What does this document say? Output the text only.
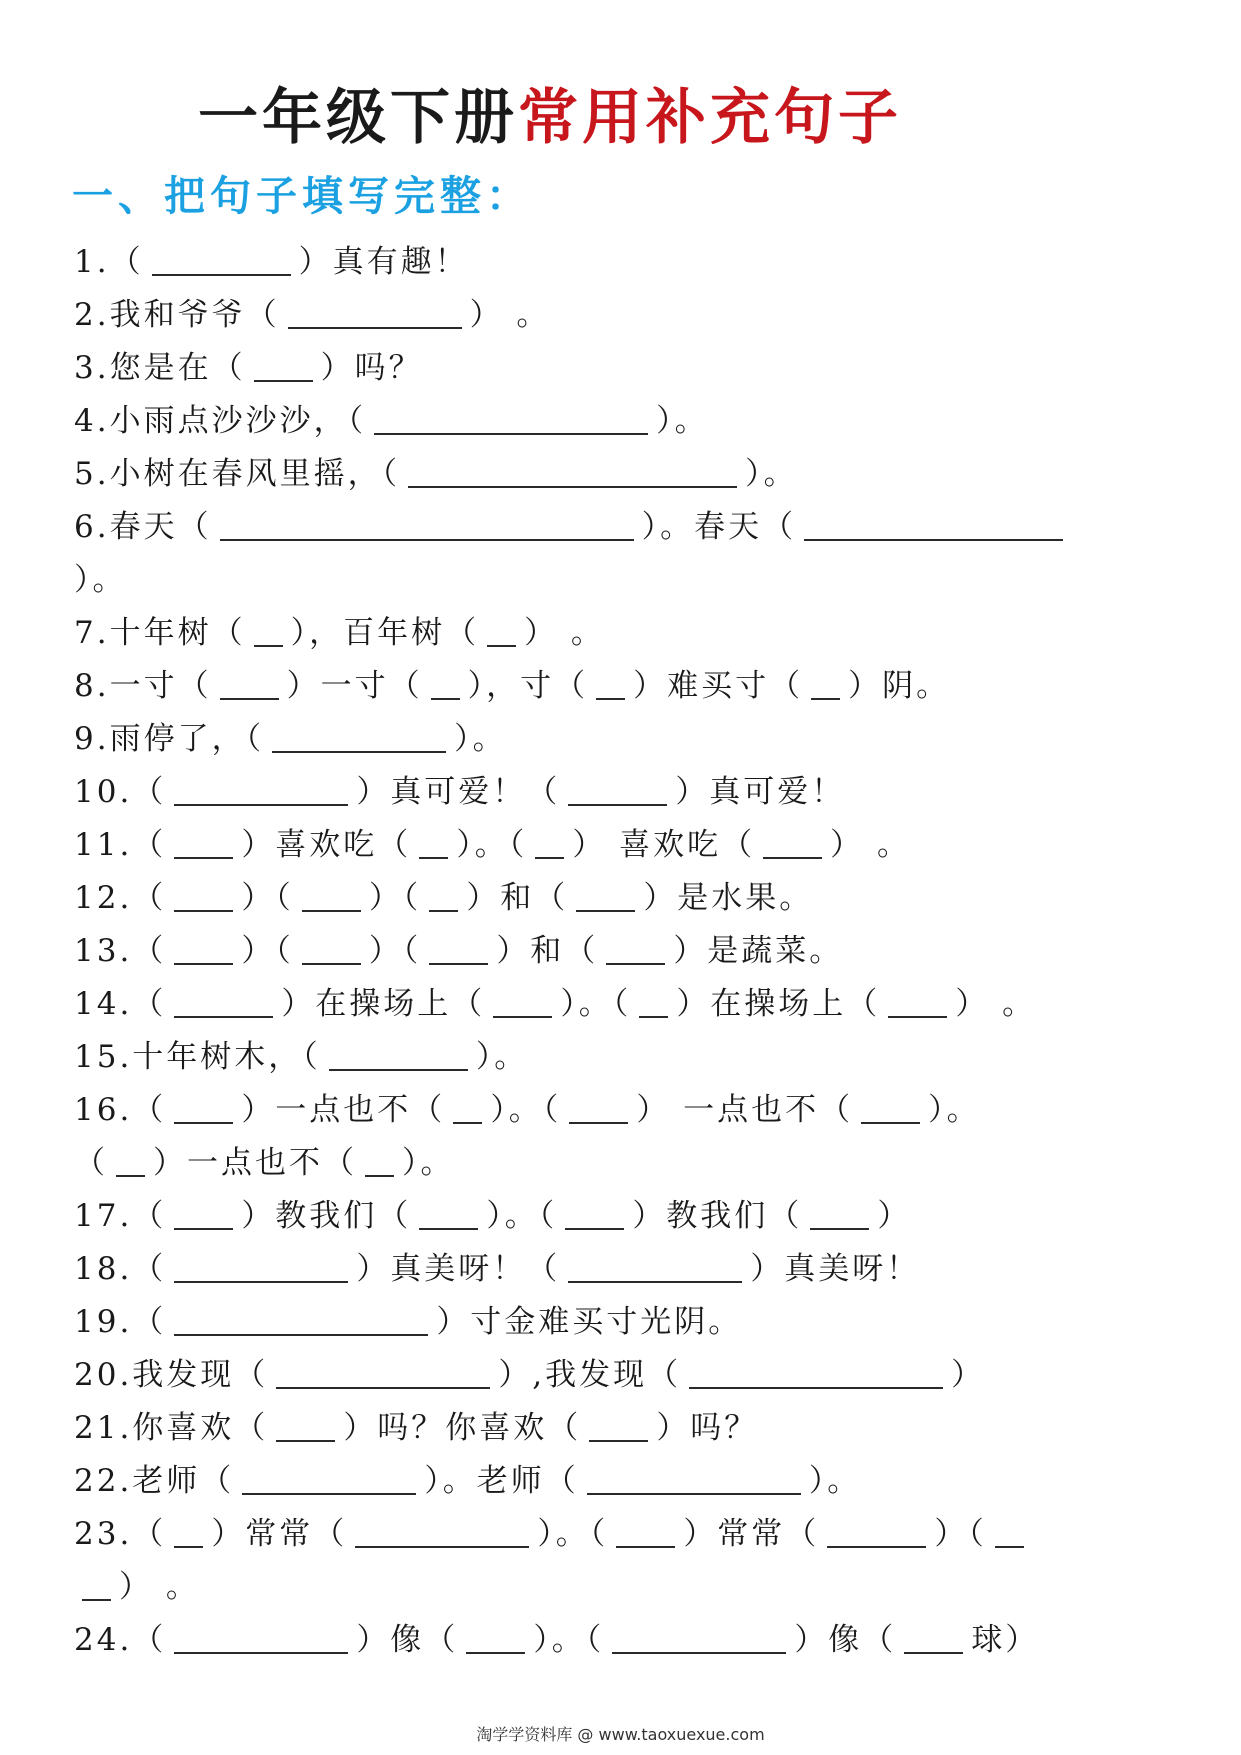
一年级下册常用补充句子
一、把句子填写完整：
1.（	）真有趣！
2.我和爷爷（	） 。
3.您是在（ ）吗？
4.小雨点沙沙沙，（	）。
5.小树在春风里摇，（	）。
6.春天（	）。春天（
）。
7.十年树（ ），百年树（ ） 。
8.一寸（ ）一寸（ ），寸（ ）难买寸（ ）阴。
9.雨停了，（	）。
10.（	）真可爱！（	）真可爱！
11.（ ）喜欢吃（ ）。（ ） 喜欢吃（ ） 。
12.（ ）（ ）（ ）和（ ）是水果。
13.（ ）（ ）（ ）和（ ）是蔬菜。
14.（	）在操场上（ ）。（ ）在操场上（ ） 。
15.十年树木，（	）。
16.（ ）一点也不（ ）。（ ） 一点也不（ ）。
（ ）一点也不（ ）。
17.（ ）教我们（ ）。（ ）教我们（ ）
18.（	）真美呀！（	）真美呀！
19.（	）寸金难买寸光阴。
20.我发现（	）,我发现（	）
21.你喜欢（ ）吗？你喜欢（ ）吗？
22.老师（	）。老师（	）。
23.（ ）常常（	）。（ ）常常（	）（
） 。
24.（	）像（ ）。（	）像（ 球）
淘学学资料库 @ www.taoxuexue.com
